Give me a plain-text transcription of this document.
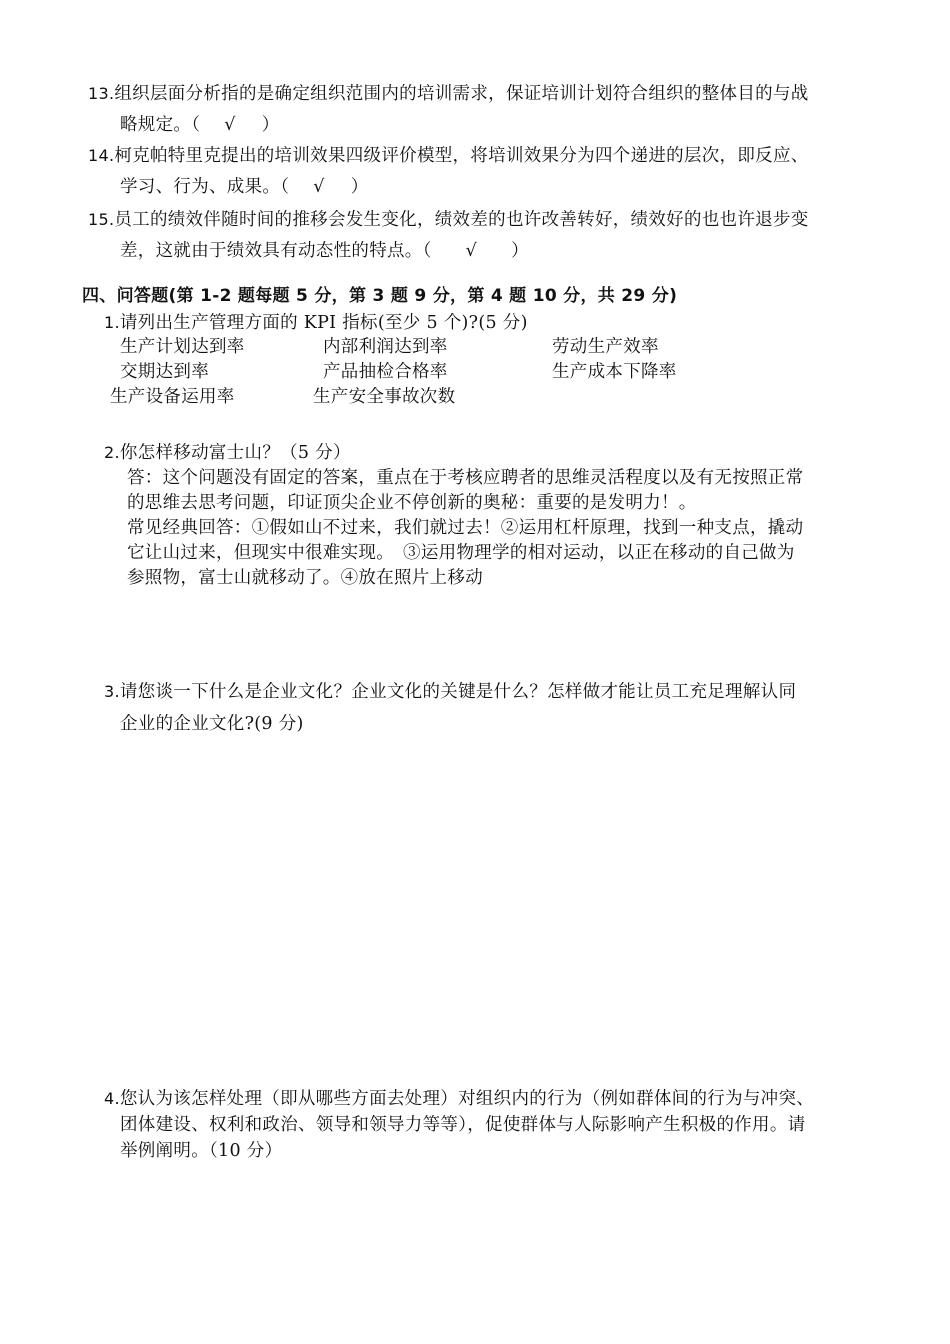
13.组织层面分析指的是确定组织范围内的培训需求，保证培训计划符合组织的整体目的与战
略规定。（ √ ）
14.柯克帕特里克提出的培训效果四级评价模型，将培训效果分为四个递进的层次，即反应、
学习、行为、成果。（ √ ）
15.员工的绩效伴随时间的推移会发生变化，绩效差的也许改善转好，绩效好的也也许退步变
差，这就由于绩效具有动态性的特点。（ √ ）
四、问答题(第 1-2 题每题 5 分，第 3 题 9 分，第 4 题 10 分，共 29 分)
1.请列出生产管理方面的 KPI 指标(至少 5 个)?(5 分)
生产计划达到率	内部利润达到率	劳动生产效率
交期达到率	产品抽检合格率	生产成本下降率
生产设备运用率	生产安全事故次数
2.你怎样移动富士山？（5 分）
答：这个问题没有固定的答案，重点在于考核应聘者的思维灵活程度以及有无按照正常
的思维去思考问题，印证顶尖企业不停创新的奥秘：重要的是发明力！。
常见经典回答：①假如山不过来，我们就过去！②运用杠杆原理，找到一种支点，撬动
它让山过来，但现实中很难实现。　③运用物理学的相对运动，以正在移动的自己做为
参照物，富士山就移动了。④放在照片上移动
3.请您谈一下什么是企业文化？企业文化的关键是什么？怎样做才能让员工充足理解认同
企业的企业文化?(9 分)
4.您认为该怎样处理（即从哪些方面去处理）对组织内的行为（例如群体间的行为与冲突、
团体建设、权利和政治、领导和领导力等等），促使群体与人际影响产生积极的作用。请
举例阐明。（10 分）
